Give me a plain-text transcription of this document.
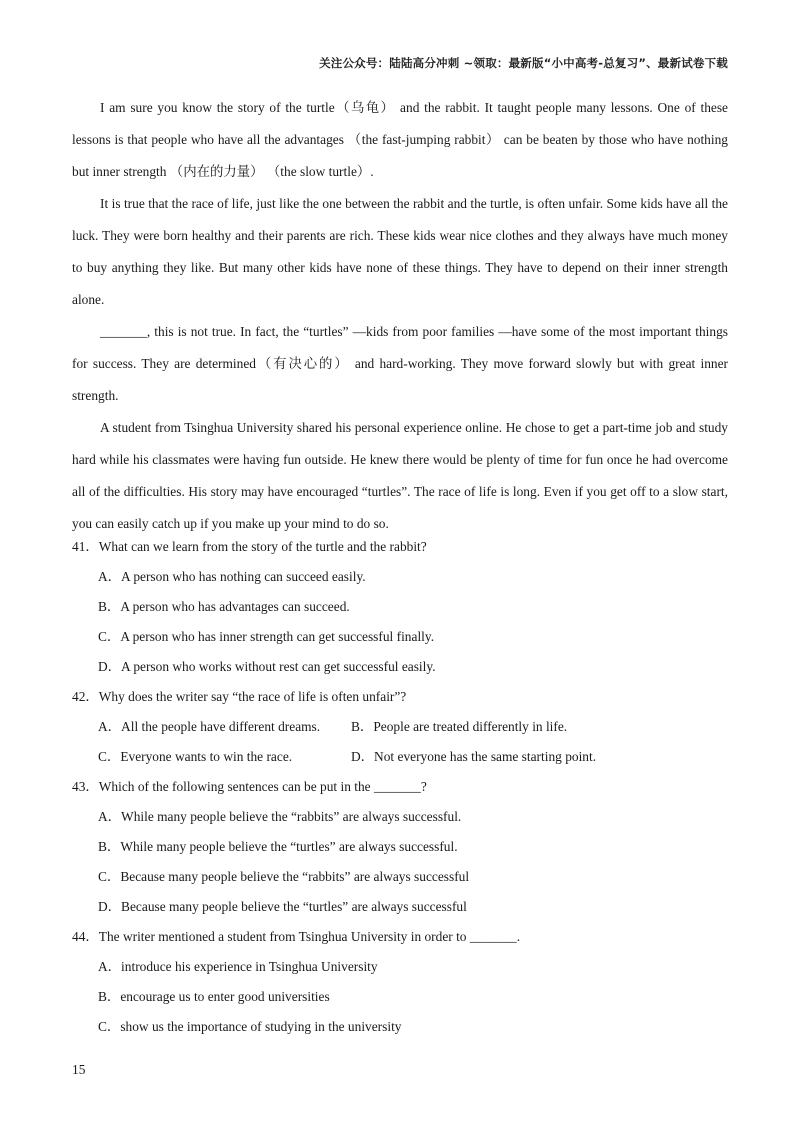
关注公众号：陆陆高分冲刺 ~领取：最新版“小中高考-总复习”、最新试卷下载

I am sure you know the story of the turtle（乌龟） and the rabbit. It taught people many lessons. One of these lessons is that people who have all the advantages （the fast-jumping rabbit） can be beaten by those who have nothing but inner strength （内在的力量） （the slow turtle）.

It is true that the race of life, just like the one between the rabbit and the turtle, is often unfair. Some kids have all the luck. They were born healthy and their parents are rich. These kids wear nice clothes and they always have much money to buy anything they like. But many other kids have none of these things. They have to depend on their inner strength alone.

_______, this is not true. In fact, the “turtles” —kids from poor families —have some of the most important things for success. They are determined（有决心的） and hard-working. They move forward slowly but with great inner strength.

A student from Tsinghua University shared his personal experience online. He chose to get a part-time job and study hard while his classmates were having fun outside. He knew there would be plenty of time for fun once he had overcome all of the difficulties. His story may have encouraged “turtles”. The race of life is long. Even if you get off to a slow start, you can easily catch up if you make up your mind to do so.

41．What can we learn from the story of the turtle and the rabbit?
A．A person who has nothing can succeed easily.
B．A person who has advantages can succeed.
C．A person who has inner strength can get successful finally.
D．A person who works without rest can get successful easily.
42．Why does the writer say “the race of life is often unfair”?
A．All the people have different dreams.	B．People are treated differently in life.
C．Everyone wants to win the race.	D．Not everyone has the same starting point.
43．Which of the following sentences can be put in the _______?
A．While many people believe the “rabbits” are always successful.
B．While many people believe the “turtles” are always successful.
C．Because many people believe the “rabbits” are always successful
D．Because many people believe the “turtles” are always successful
44．The writer mentioned a student from Tsinghua University in order to _______.
A．introduce his experience in Tsinghua University
B．encourage us to enter good universities
C．show us the importance of studying in the university
15
